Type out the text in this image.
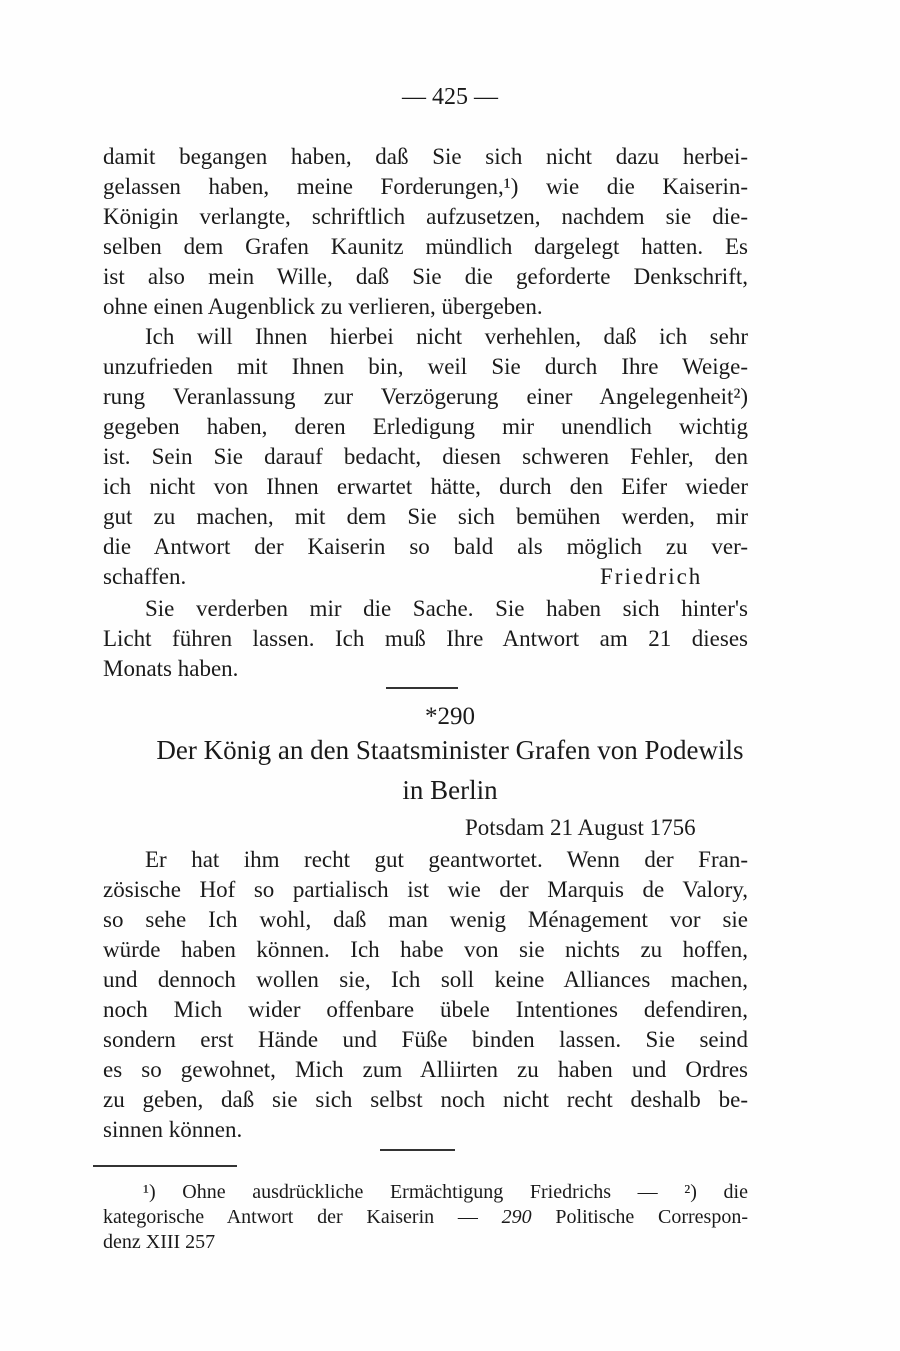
— 425 —
damit begangen haben, daß Sie sich nicht dazu herbei-
gelassen haben, meine Forderungen,¹) wie die Kaiserin-
Königin verlangte, schriftlich aufzusetzen, nachdem sie die-
selben dem Grafen Kaunitz mündlich dargelegt hatten. Es
ist also mein Wille, daß Sie die geforderte Denkschrift,
ohne einen Augenblick zu verlieren, übergeben.
Ich will Ihnen hierbei nicht verhehlen, daß ich sehr
unzufrieden mit Ihnen bin, weil Sie durch Ihre Weige-
rung Veranlassung zur Verzögerung einer Angelegenheit²)
gegeben haben, deren Erledigung mir unendlich wichtig
ist. Sein Sie darauf bedacht, diesen schweren Fehler, den
ich nicht von Ihnen erwartet hätte, durch den Eifer wieder
gut zu machen, mit dem Sie sich bemühen werden, mir
die Antwort der Kaiserin so bald als möglich zu ver-
schaffen.	Friedrich
Sie verderben mir die Sache. Sie haben sich hinter's
Licht führen lassen. Ich muß Ihre Antwort am 21 dieses
Monats haben.
*290
Der König an den Staatsminister Grafen von Podewils
in Berlin
Potsdam 21 August 1756
Er hat ihm recht gut geantwortet. Wenn der Fran-
zösische Hof so partialisch ist wie der Marquis de Valory,
so sehe Ich wohl, daß man wenig Ménagement vor sie
würde haben können. Ich habe von sie nichts zu hoffen,
und dennoch wollen sie, Ich soll keine Alliances machen,
noch Mich wider offenbare übele Intentiones defendiren,
sondern erst Hände und Füße binden lassen. Sie seind
es so gewohnet, Mich zum Alliirten zu haben und Ordres
zu geben, daß sie sich selbst noch nicht recht deshalb be-
sinnen können.
¹) Ohne ausdrückliche Ermächtigung Friedrichs — ²) die
kategorische Antwort der Kaiserin — 290 Politische Correspon-
denz XIII 257
